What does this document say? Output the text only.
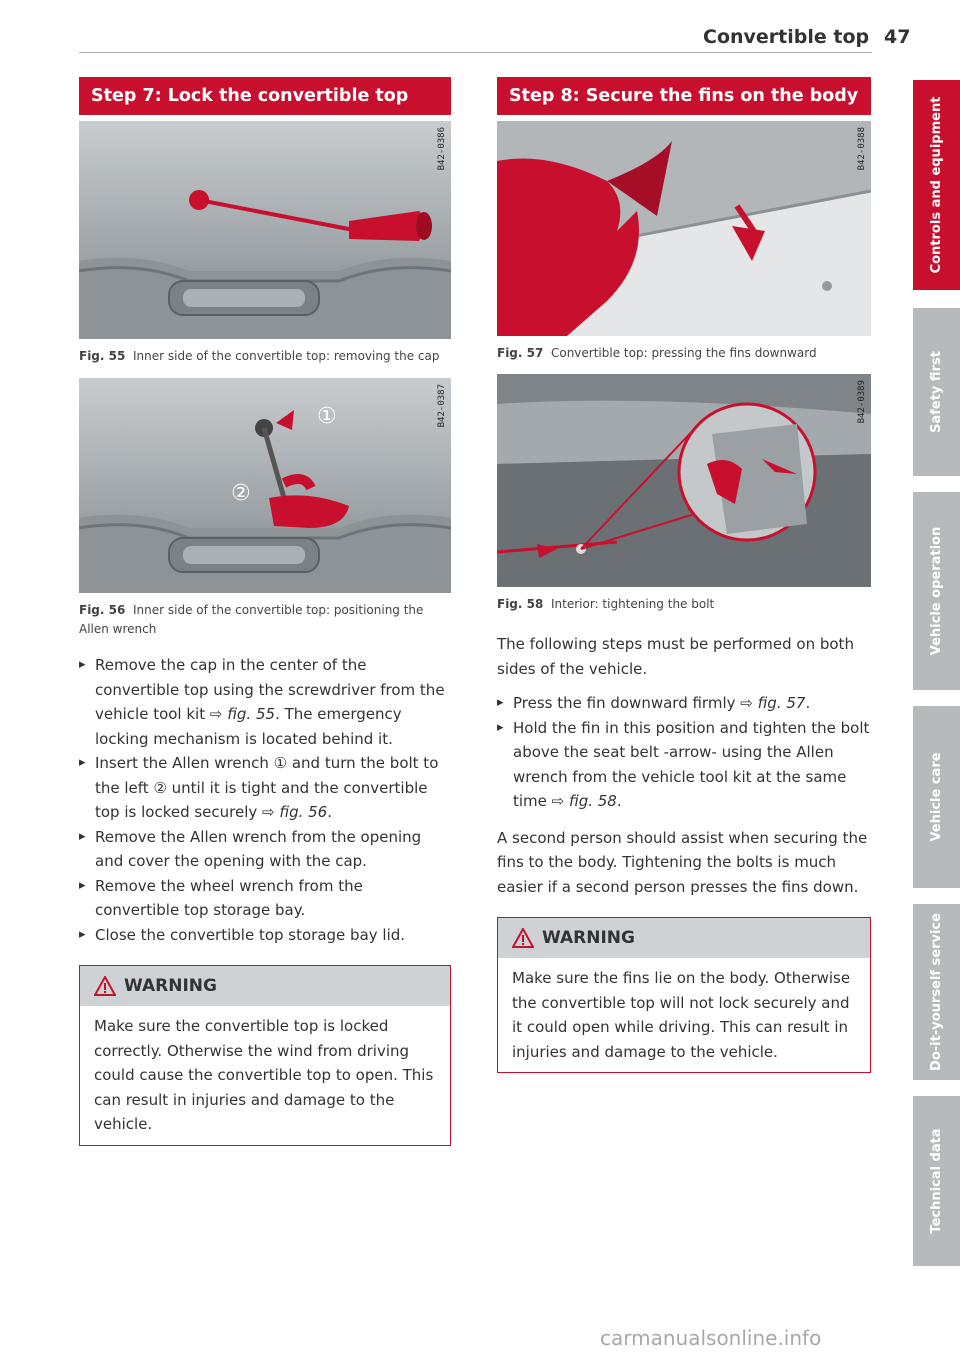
Convertible top 47
Step 7: Lock the convertible top
B42-0386
Fig. 55 Inner side of the convertible top: removing the cap
B42-0387
①
②
Fig. 56 Inner side of the convertible top: positioning the Allen wrench
▸ Remove the cap in the center of the convertible top using the screwdriver from the vehicle tool kit ⇨ fig. 55. The emergency locking mechanism is located behind it.
▸ Insert the Allen wrench ① and turn the bolt to the left ② until it is tight and the convertible top is locked securely ⇨ fig. 56.
▸ Remove the Allen wrench from the opening and cover the opening with the cap.
▸ Remove the wheel wrench from the convertible top storage bay.
▸ Close the convertible top storage bay lid.
WARNING
Make sure the convertible top is locked correctly. Otherwise the wind from driving could cause the convertible top to open. This can result in injuries and damage to the vehicle.
Step 8: Secure the fins on the body
B42-0388
Fig. 57 Convertible top: pressing the fins downward
B42-0389
Fig. 58 Interior: tightening the bolt
The following steps must be performed on both sides of the vehicle.
▸ Press the fin downward firmly ⇨ fig. 57.
▸ Hold the fin in this position and tighten the bolt above the seat belt -arrow- using the Allen wrench from the vehicle tool kit at the same time ⇨ fig. 58.
A second person should assist when securing the fins to the body. Tightening the bolts is much easier if a second person presses the fins down.
WARNING
Make sure the fins lie on the body. Otherwise the convertible top will not lock securely and it could open while driving. This can result in injuries and damage to the vehicle.
Controls and equipment
Safety first
Vehicle operation
Vehicle care
Do-it-yourself service
Technical data
carmanualsonline.info
